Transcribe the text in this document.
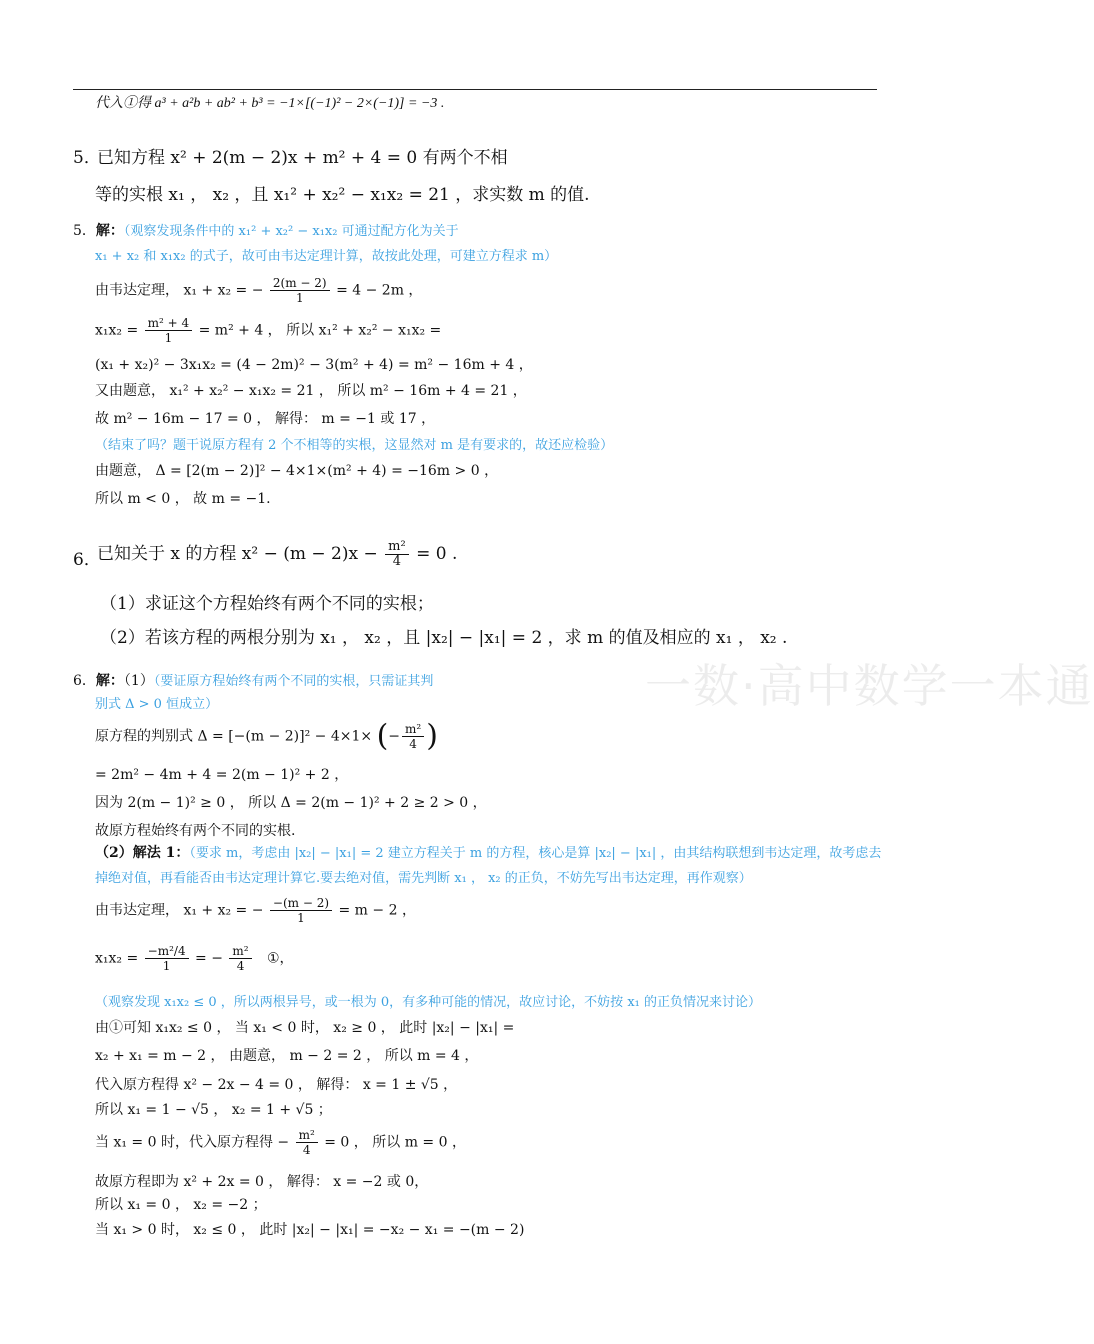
一数·高中数学一本通
代入①得 a³ + a²b + ab² + b³ = −1×[(−1)² − 2×(−1)] = −3 .
5．
已知方程 x² + 2(m − 2)x + m² + 4 = 0 有两个不相
等的实根 x₁ ， x₂ ，且 x₁² + x₂² − x₁x₂ = 21 ，求实数 m 的值.
5．解：（观察发现条件中的 x₁² + x₂² − x₁x₂ 可通过配方化为关于
x₁ + x₂ 和 x₁x₂ 的式子，故可由韦达定理计算，故按此处理，可建立方程求 m）
由韦达定理， x₁ + x₂ = − $\frac{2(m - 2)}{1} = 4 - 2m$ ，
$x_1x_2 = \frac{\text{m² + 4}}{1} = m^2 + 4$ ， 所以 x₁² + x₂² − x₁x₂ =
(x₁ + x₂)² − 3x₁x₂ = (4 − 2m)² − 3(m² + 4) = m² − 16m + 4 ，
又由题意， x₁² + x₂² − x₁x₂ = 21 ， 所以 m² − 16m + 4 = 21 ，
故 m² − 16m − 17 = 0 ， 解得： m = −1 或 17 ，
（结束了吗？题干说原方程有 2 个不相等的实根，这显然对 m 是有要求的，故还应检验）
由题意， Δ = [2(m − 2)]² − 4×1×(m² + 4) = −16m > 0 ，
所以 m < 0 ， 故 m = −1.
6．
已知关于 x 的方程 $x^2 - (m - 2)x - \frac{\text{m²}}{4} = 0$ .
（1）求证这个方程始终有两个不同的实根；
（2）若该方程的两根分别为 x₁ ， x₂ ，且 |x₂| − |x₁| = 2 ，求 m 的值及相应的 x₁ ， x₂ .
6．解：（1）（要证原方程始终有两个不同的实根，只需证其判
别式 Δ > 0 恒成立）
原方程的判别式 Δ = [−(m − 2)]² − 4×1× (− $\frac{\text{m²}}{4}$ )
= 2m² − 4m + 4 = 2(m − 1)² + 2 ，
因为 2(m − 1)² ≥ 0 ， 所以 Δ = 2(m − 1)² + 2 ≥ 2 > 0 ，
故原方程始终有两个不同的实根.
（2）解法 1：（要求 m，考虑由 |x₂| − |x₁| = 2 建立方程关于 m 的方程，核心是算 |x₂| − |x₁| ，由其结构联想到韦达定理，故考虑去
掉绝对值，再看能否由韦达定理计算它.要去绝对值，需先判断 x₁ ， x₂ 的正负，不妨先写出韦达定理，再作观察）
由韦达定理， x₁ + x₂ = − $\frac{-(m - 2)}{1} = m - 2$ ，
$x_1x_2 = \frac{\text{−m²/4}}{1}$ = − $\frac{\text{m²}}{4}$ ①，
（观察发现 x₁x₂ ≤ 0 ，所以两根异号，或一根为 0，有多种可能的情况，故应讨论，不妨按 x₁ 的正负情况来讨论）
由①可知 x₁x₂ ≤ 0 ， 当 x₁ < 0 时， x₂ ≥ 0 ， 此时 |x₂| − |x₁| =
x₂ + x₁ = m − 2 ， 由题意， m − 2 = 2 ， 所以 m = 4 ，
代入原方程得 x² − 2x − 4 = 0 ， 解得： x = 1 ± √5 ，
所以 x₁ = 1 − √5 ， x₂ = 1 + √5 ；
当 x₁ = 0 时，代入原方程得 − $\frac{\text{m²}}{4} = 0$ ， 所以 m = 0 ，
故原方程即为 x² + 2x = 0 ， 解得： x = −2 或 0，
所以 x₁ = 0 ， x₂ = −2 ；
当 x₁ > 0 时， x₂ ≤ 0 ， 此时 |x₂| − |x₁| = −x₂ − x₁ = −(m − 2)
